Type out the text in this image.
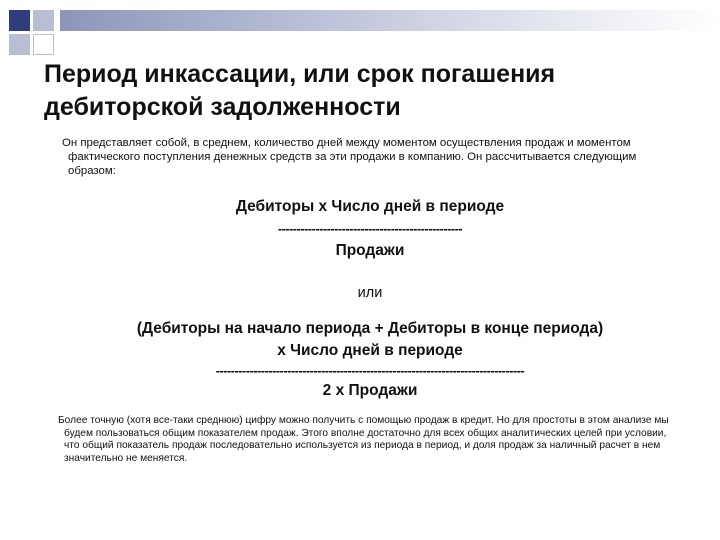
Период инкассации, или срок погашения
дебиторской задолженности

Он представляет собой, в среднем, количество дней между моментом осуществления продаж и моментом фактического поступления денежных средств за эти продажи в компанию. Он рассчитывается следующим образом:

Дебиторы х Число дней в периоде

-------------------------------------------------

Продажи

или

(Дебиторы на начало периода + Дебиторы в конце периода)

х Число дней в периоде

----------------------------------------------------------------------------------

2 х Продажи

Более точную (хотя все-таки среднюю) цифру можно получить с помощью продаж в кредит. Но для простоты в этом анализе мы будем пользоваться общим показателем продаж. Этого вполне достаточно для всех общих аналитических целей при условии, что общий показатель продаж последовательно используется из периода в период, и доля продаж за наличный расчет в нем значительно не меняется.
